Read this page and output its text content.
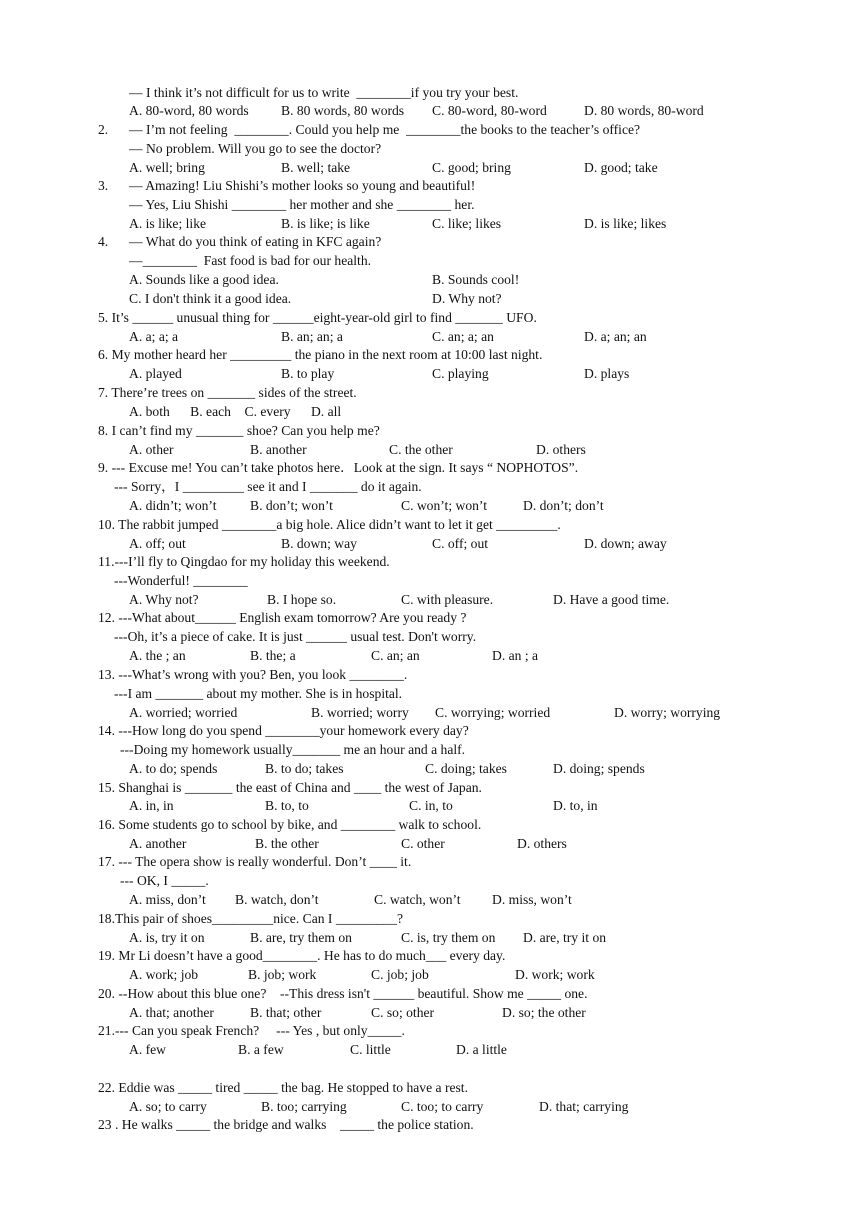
— I think it’s not difficult for us to write  ________if you try your best.
A. 80-word, 80 words B. 80 words, 80 words C. 80-word, 80-word	D. 80 words, 80-word
2. — I’m not feeling  ________. Could you help me  ________the books to the teacher’s office?
— No problem. Will you go to see the doctor?
A. well; bring	B. well; take	C. good; bring	D. good; take
3. — Amazing! Liu Shishi’s mother looks so young and beautiful!
— Yes, Liu Shishi ________ her mother and she ________ her.
A. is like; like	B. is like; is like	C. like; likes	D. is like; likes
4. — What do you think of eating in KFC again?
—________  Fast food is bad for our health.
A. Sounds like a good idea.	B. Sounds cool!
C. I don't think it a good idea.	D. Why not?
5. It’s ______ unusual thing for ______eight-year-old girl to find _______ UFO.
A. a; a; a	B. an; an; a	C. an; a; an	D. a; an; an
6. My mother heard her _________ the piano in the next room at 10:00 last night.
A. played	B. to play	C. playing	D. plays
7. There’re trees on _______ sides of the street.
A. both      B. each    C. every      D. all
8. I can’t find my _______ shoe? Can you help me?
A. other	B. another	C. the other	D. others
9. --- Excuse me! You can’t take photos here．Look at the sign. It says “ NOPHOTOS”.
--- Sorry，I _________ see it and I _______ do it again.
A. didn’t; won’t B. don’t; won’t	C. won’t; won’t	D. don’t; don’t
10. The rabbit jumped ________a big hole. Alice didn’t want to let it get _________.
A. off; out	B. down; way	C. off; out	D. down; away
11.---I’ll fly to Qingdao for my holiday this weekend.
---Wonderful! ________
A. Why not?	B. I hope so.	C. with pleasure.	D. Have a good time.
12. ---What about______ English exam tomorrow? Are you ready ?
---Oh, it’s a piece of cake. It is just ______ usual test. Don't worry.
A. the ; an	B. the; a	C. an; an	D. an ; a
13. ---What’s wrong with you? Ben, you look ________.
---I am _______ about my mother. She is in hospital.
A. worried; worried	B. worried; worry C. worrying; worried	D. worry; worrying
14. ---How long do you spend ________your homework every day?
---Doing my homework usually_______ me an hour and a half.
A. to do; spends	B. to do; takes	C. doing; takes	D. doing; spends
15. Shanghai is _______ the east of China and ____ the west of Japan.
A. in, in	B. to, to	C. in, to	D. to, in
16. Some students go to school by bike, and ________ walk to school.
A. another	B. the other	C. other	D. others
17. --- The opera show is really wonderful. Don’t ____ it.
--- OK, I _____.
A. miss, don’t B. watch, don’t	C. watch, won’t D. miss, won’t
18.This pair of shoes_________nice. Can I _________?
A. is, try it on	B. are, try them on	C. is, try them on D. are, try it on
19. Mr Li doesn’t have a good________. He has to do much___ every day.
A. work; job	B. job; work	C. job; job	D. work; work
20. --How about this blue one?    --This dress isn't ______ beautiful. Show me _____ one.
A. that; another	B. that; other	C. so; other	D. so; the other
21.--- Can you speak French?     --- Yes , but only_____.
A. few	B. a few	C. little	D. a little
22. Eddie was _____ tired _____ the bag. He stopped to have a rest.
A. so; to carry	B. too; carrying	C. too; to carry	D. that; carrying
23 . He walks _____ the bridge and walks    _____ the police station.
